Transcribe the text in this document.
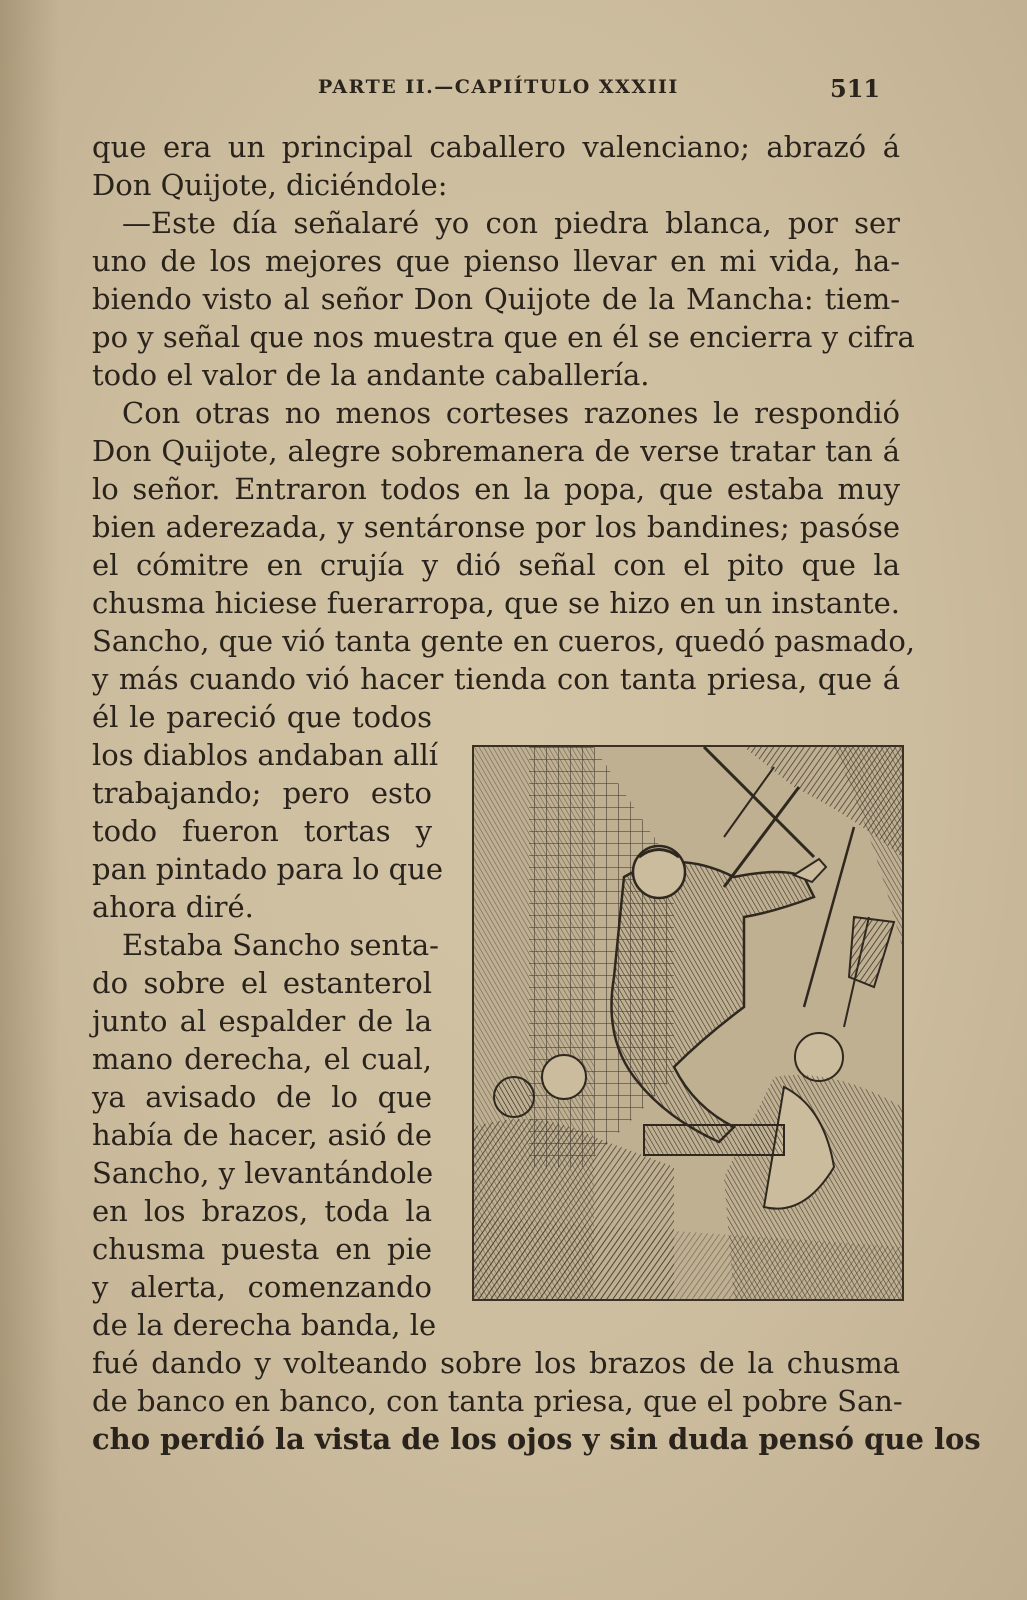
PARTE II.—CAPIÍTULO XXXIII	511
que era un principal caballero valenciano; abrazó á
Don Quijote, diciéndole:
—Este día señalaré yo con piedra blanca, por ser
uno de los mejores que pienso llevar en mi vida, ha-
biendo visto al señor Don Quijote de la Mancha: tiem-
po y señal que nos muestra que en él se encierra y cifra
todo el valor de la andante caballería.
Con otras no menos corteses razones le respondió
Don Quijote, alegre sobremanera de verse tratar tan á
lo señor. Entraron todos en la popa, que estaba muy
bien aderezada, y sentáronse por los bandines; pasóse
el cómitre en crujía y dió señal con el pito que la
chusma hiciese fuerarropa, que se hizo en un instante.
Sancho, que vió tanta gente en cueros, quedó pasmado,
y más cuando vió hacer tienda con tanta priesa, que á
él le pareció que todos
los diablos andaban allí
trabajando; pero esto
todo fueron tortas y
pan pintado para lo que
ahora diré.
Estaba Sancho senta-
do sobre el estanterol
junto al espalder de la
mano derecha, el cual,
ya avisado de lo que
había de hacer, asió de
Sancho, y levantándole
en los brazos, toda la
chusma puesta en pie
y alerta, comenzando
de la derecha banda, le
fué dando y volteando sobre los brazos de la chusma
de banco en banco, con tanta priesa, que el pobre San-
cho perdió la vista de los ojos y sin duda pensó que los
